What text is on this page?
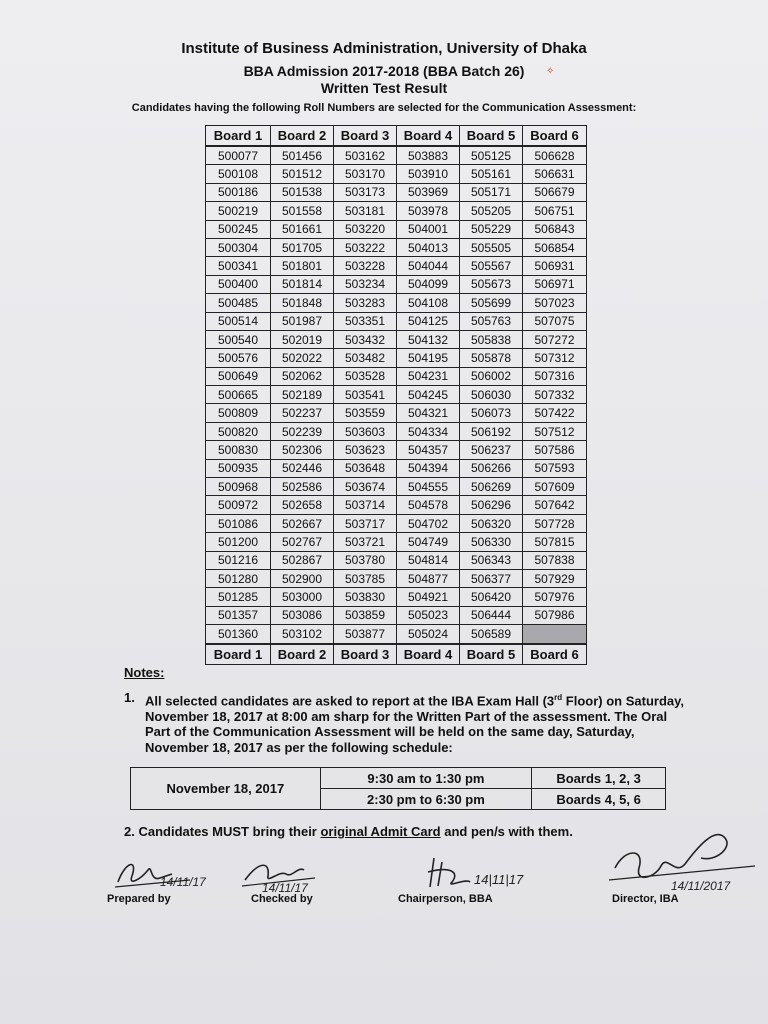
Institute of Business Administration, University of Dhaka
BBA Admission 2017-2018 (BBA Batch 26)	✧
Written Test Result
Candidates having the following Roll Numbers are selected for the Communication Assessment:
Board 1	Board 2	Board 3	Board 4	Board 5	Board 6
500077	501456	503162	503883	505125	506628
500108	501512	503170	503910	505161	506631
500186	501538	503173	503969	505171	506679
500219	501558	503181	503978	505205	506751
500245	501661	503220	504001	505229	506843
500304	501705	503222	504013	505505	506854
500341	501801	503228	504044	505567	506931
500400	501814	503234	504099	505673	506971
500485	501848	503283	504108	505699	507023
500514	501987	503351	504125	505763	507075
500540	502019	503432	504132	505838	507272
500576	502022	503482	504195	505878	507312
500649	502062	503528	504231	506002	507316
500665	502189	503541	504245	506030	507332
500809	502237	503559	504321	506073	507422
500820	502239	503603	504334	506192	507512
500830	502306	503623	504357	506237	507586
500935	502446	503648	504394	506266	507593
500968	502586	503674	504555	506269	507609
500972	502658	503714	504578	506296	507642
501086	502667	503717	504702	506320	507728
501200	502767	503721	504749	506330	507815
501216	502867	503780	504814	506343	507838
501280	502900	503785	504877	506377	507929
501285	503000	503830	504921	506420	507976
501357	503086	503859	505023	506444	507986
501360	503102	503877	505024	506589	
Board 1	Board 2	Board 3	Board 4	Board 5	Board 6
Notes:
1. All selected candidates are asked to report at the IBA Exam Hall (3rd Floor) on Saturday, November 18, 2017 at 8:00 am sharp for the Written Part of the assessment. The Oral Part of the Communication Assessment will be held on the same day, Saturday, November 18, 2017 as per the following schedule:
November 18, 2017	9:30 am to 1:30 pm	Boards 1, 2, 3
	2:30 pm to 6:30 pm	Boards 4, 5, 6
2. Candidates MUST bring their original Admit Card and pen/s with them.
14/11/17	14/11/17
14|11|17	14/11/2017
Prepared by	Checked by	Chairperson, BBA	Director, IBA
